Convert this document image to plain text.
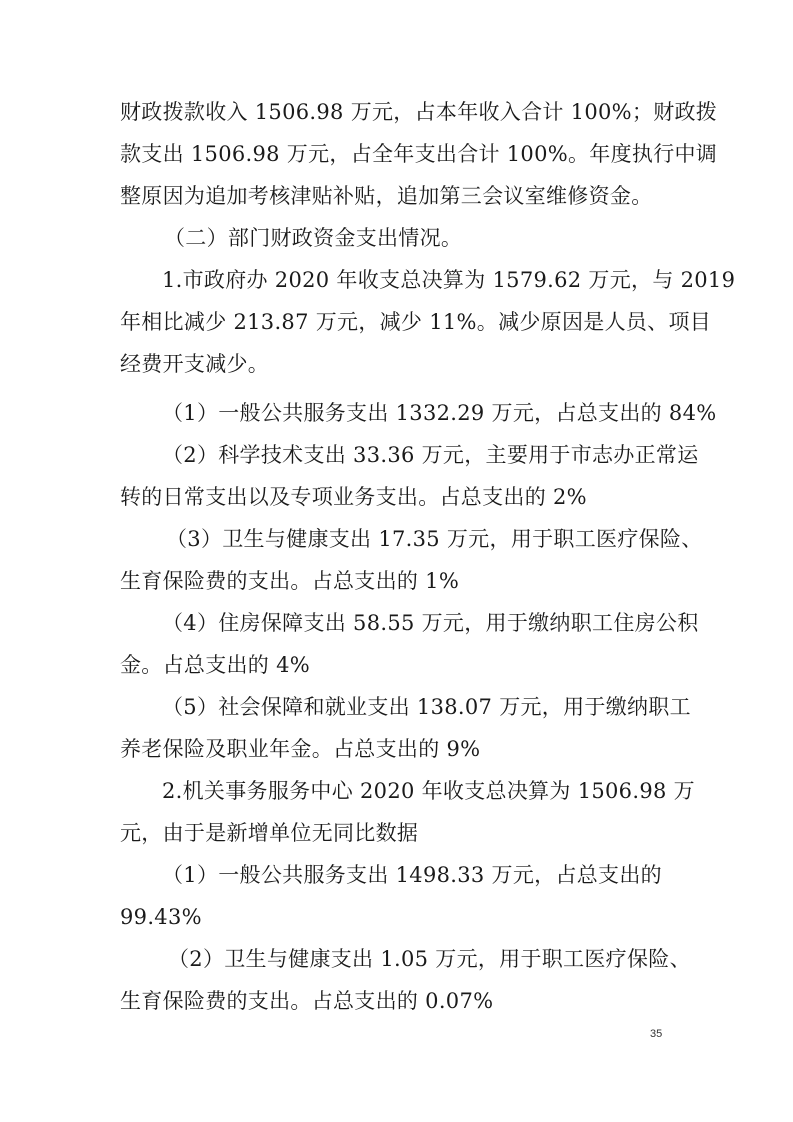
财政拨款收入 1506.98 万元，占本年收入合计 100%；财政拨
款支出 1506.98 万元，占全年支出合计 100%。年度执行中调
整原因为追加考核津贴补贴，追加第三会议室维修资金。
（二）部门财政资金支出情况。
1.市政府办 2020 年收支总决算为 1579.62 万元，与 2019
年相比减少 213.87 万元，减少 11%。减少原因是人员、项目
经费开支减少。
（1）一般公共服务支出 1332.29 万元，占总支出的 84%
（2）科学技术支出 33.36 万元，主要用于市志办正常运
转的日常支出以及专项业务支出。占总支出的 2%
（3）卫生与健康支出 17.35 万元，用于职工医疗保险、
生育保险费的支出。占总支出的 1%
（4）住房保障支出 58.55 万元，用于缴纳职工住房公积
金。占总支出的 4%
（5）社会保障和就业支出 138.07 万元，用于缴纳职工
养老保险及职业年金。占总支出的 9%
2.机关事务服务中心 2020 年收支总决算为 1506.98 万
元，由于是新增单位无同比数据
（1）一般公共服务支出 1498.33 万元，占总支出的
99.43%
（2）卫生与健康支出 1.05 万元，用于职工医疗保险、
生育保险费的支出。占总支出的 0.07%
35
